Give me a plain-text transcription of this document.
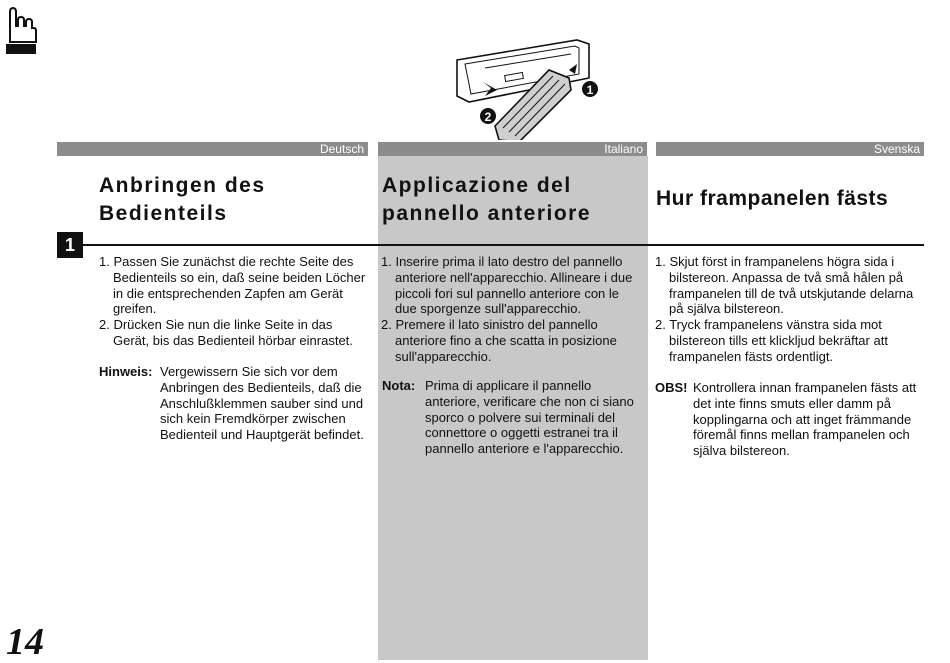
1
2
Deutsch	Italiano	Svenska
Anbringen des
Bedienteils
Applicazione del
pannello anteriore
Hur frampanelen fästs
1
1. Passen Sie zunächst die rechte Seite des Bedienteils so ein, daß seine beiden Löcher in die entsprechenden Zapfen am Gerät greifen.
2. Drücken Sie nun die linke Seite in das Gerät, bis das Bedienteil hörbar einrastet.
Hinweis: Vergewissern Sie sich vor dem Anbringen des Bedienteils, daß die Anschlußklemmen sauber sind und sich kein Fremdkörper zwischen Bedienteil und Hauptgerät befindet.
1. Inserire prima il lato destro del pannello anteriore nell'apparecchio. Allineare i due piccoli fori sul pannello anteriore con le due sporgenze sull'apparecchio.
2. Premere il lato sinistro del pannello anteriore fino a che scatta in posizione sull'apparecchio.
Nota: Prima di applicare il pannello anteriore, verificare che non ci siano sporco o polvere sui terminali del connettore o oggetti estranei tra il pannello anteriore e l'apparecchio.
1. Skjut först in frampanelens högra sida i bilstereon. Anpassa de två små hålen på frampanelen till de två utskjutande delarna på själva bilstereon.
2. Tryck frampanelens vänstra sida mot bilstereon tills ett klickljud bekräftar att frampanelen fästs ordentligt.
OBS! Kontrollera innan frampanelen fästs att det inte finns smuts eller damm på kopplingarna och att inget främmande föremål finns mellan frampanelen och själva bilstereon.
14
